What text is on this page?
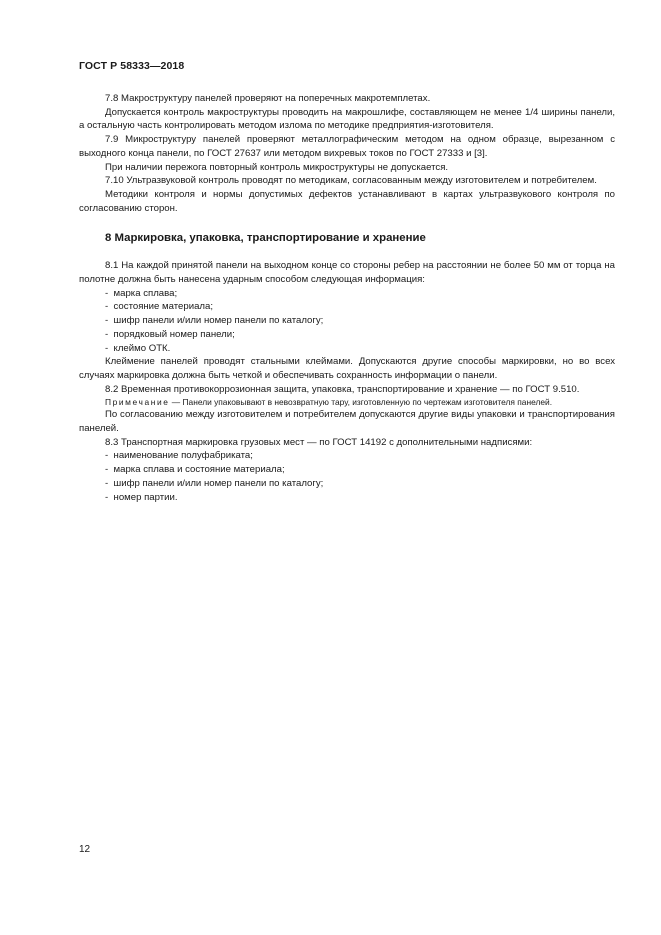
ГОСТ Р 58333—2018

7.8 Макроструктуру панелей проверяют на поперечных макротемплетах.

Допускается контроль макроструктуры проводить на макрошлифе, составляющем не менее 1/4 ширины панели, а остальную часть контролировать методом излома по методике предприятия-изготовителя.

7.9 Микроструктуру панелей проверяют металлографическим методом на одном образце, вырезанном с выходного конца панели, по ГОСТ 27637 или методом вихревых токов по ГОСТ 27333 и [3].

При наличии пережога повторный контроль микроструктуры не допускается.

7.10 Ультразвуковой контроль проводят по методикам, согласованным между изготовителем и потребителем.

Методики контроля и нормы допустимых дефектов устанавливают в картах ультразвукового контроля по согласованию сторон.

8 Маркировка, упаковка, транспортирование и хранение

8.1 На каждой принятой панели на выходном конце со стороны ребер на расстоянии не более 50 мм от торца на полотне должна быть нанесена ударным способом следующая информация:

-  марка сплава;

-  состояние материала;

-  шифр панели и/или номер панели по каталогу;

-  порядковый номер панели;

-  клеймо ОТК.

Клеймение панелей проводят стальными клеймами. Допускаются другие способы маркировки, но во всех случаях маркировка должна быть четкой и обеспечивать сохранность информации о панели.

8.2 Временная противокоррозионная защита, упаковка, транспортирование и хранение — по ГОСТ 9.510.

Примечание — Панели упаковывают в невозвратную тару, изготовленную по чертежам изготовителя панелей.

По согласованию между изготовителем и потребителем допускаются другие виды упаковки и транспортирования панелей.

8.3 Транспортная маркировка грузовых мест — по ГОСТ 14192 с дополнительными надписями:

-  наименование полуфабриката;

-  марка сплава и состояние материала;

-  шифр панели и/или номер панели по каталогу;

-  номер партии.

12
